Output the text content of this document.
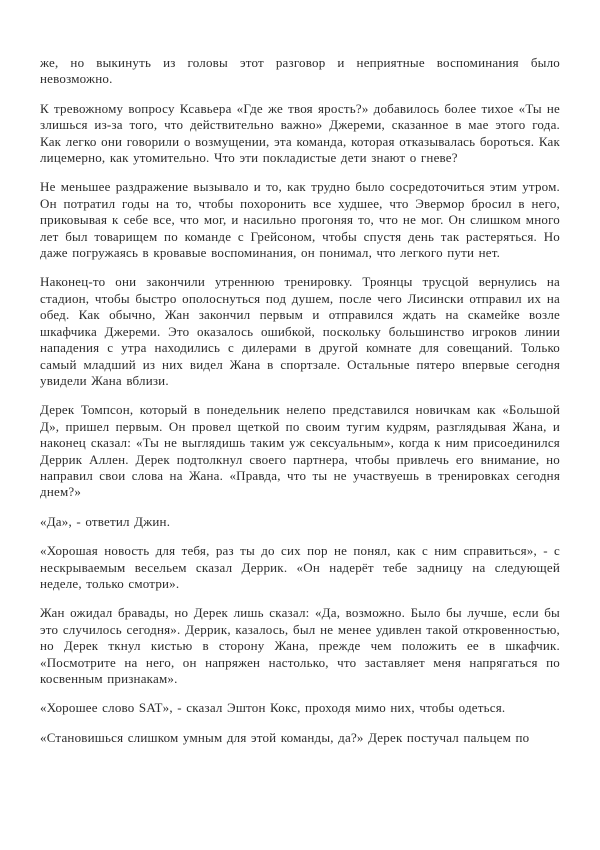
же, но выкинуть из головы этот разговор и неприятные воспоминания было невозможно.

К тревожному вопросу Ксавьера «Где же твоя ярость?» добавилось более тихое «Ты не злишься из-за того, что действительно важно» Джереми, сказанное в мае этого года. Как легко они говорили о возмущении, эта команда, которая отказывалась бороться. Как лицемерно, как утомительно. Что эти покладистые дети знают о гневе?

Не меньшее раздражение вызывало и то, как трудно было сосредоточиться этим утром. Он потратил годы на то, чтобы похоронить все худшее, что Эвермор бросил в него, приковывая к себе все, что мог, и насильно прогоняя то, что не мог. Он слишком много лет был товарищем по команде с Грейсоном, чтобы спустя день так растеряться. Но даже погружаясь в кровавые воспоминания, он понимал, что легкого пути нет.

Наконец-то они закончили утреннюю тренировку. Троянцы трусцой вернулись на стадион, чтобы быстро ополоснуться под душем, после чего Лисински отправил их на обед. Как обычно, Жан закончил первым и отправился ждать на скамейке возле шкафчика Джереми. Это оказалось ошибкой, поскольку большинство игроков линии нападения с утра находились с дилерами в другой комнате для совещаний. Только самый младший из них видел Жана в спортзале. Остальные пятеро впервые сегодня увидели Жана вблизи.

Дерек Томпсон, который в понедельник нелепо представился новичкам как «Большой Д», пришел первым. Он провел щеткой по своим тугим кудрям, разглядывая Жана, и наконец сказал: «Ты не выглядишь таким уж сексуальным», когда к ним присоединился Деррик Аллен. Дерек подтолкнул своего партнера, чтобы привлечь его внимание, но направил свои слова на Жана. «Правда, что ты не участвуешь в тренировках сегодня днем?»

«Да», - ответил Джин.

«Хорошая новость для тебя, раз ты до сих пор не понял, как с ним справиться», - с нескрываемым весельем сказал Деррик. «Он надерёт тебе задницу на следующей неделе, только смотри».

Жан ожидал бравады, но Дерек лишь сказал: «Да, возможно. Было бы лучше, если бы это случилось сегодня». Деррик, казалось, был не менее удивлен такой откровенностью, но Дерек ткнул кистью в сторону Жана, прежде чем положить ее в шкафчик. «Посмотрите на него, он напряжен настолько, что заставляет меня напрягаться по косвенным признакам».

«Хорошее слово SAT», - сказал Эштон Кокс, проходя мимо них, чтобы одеться.

«Становишься слишком умным для этой команды, да?» Дерек постучал пальцем по
